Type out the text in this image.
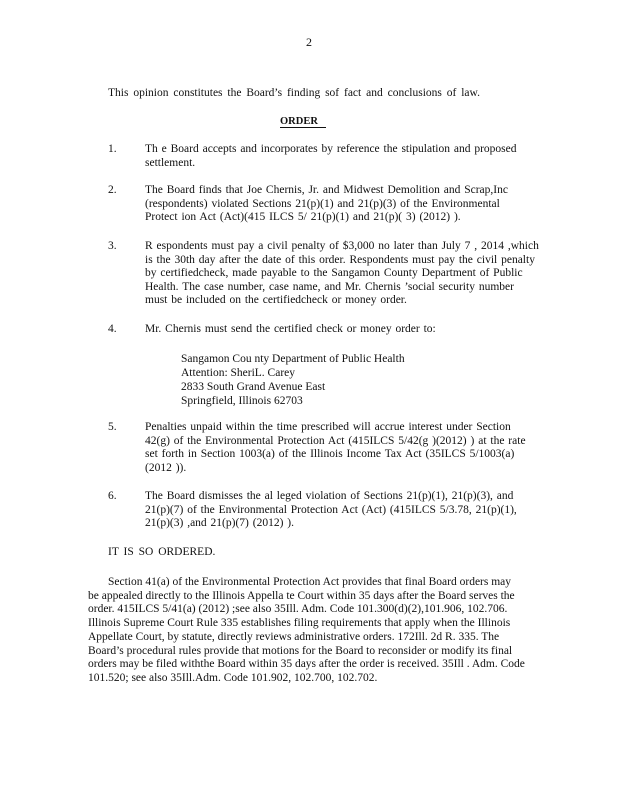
2
This opinion constitutes the Board’s finding sof fact and conclusions of law.
ORDER
1. Th e Board accepts and incorporates by reference the stipulation and proposed
settlement.
2. The Board finds that Joe Chernis, Jr. and Midwest Demolition and Scrap,Inc
(respondents) violated Sections 21(p)(1) and 21(p)(3) of the Environmental
Protect ion Act (Act)(415 ILCS 5/ 21(p)(1) and 21(p)( 3) (2012) ).
3. R espondents must pay a civil penalty of $3,000 no later than July 7 , 2014 ,which
is the 30th day after the date of this order. Respondents must pay the civil penalty
by certifiedcheck, made payable to the Sangamon County Department of Public
Health. The case number, case name, and Mr. Chernis ’social security number
must be included on the certifiedcheck or money order.
4. Mr. Chernis must send the certified check or money order to:
Sangamon Cou nty Department of Public Health
Attention: SheriL. Carey
2833 South Grand Avenue East
Springfield, Illinois 62703
5. Penalties unpaid within the time prescribed will accrue interest under Section
42(g) of the Environmental Protection Act (415ILCS 5/42(g )(2012) ) at the rate
set forth in Section 1003(a) of the Illinois Income Tax Act (35ILCS 5/1003(a)
(2012 )).
6. The Board dismisses the al leged violation of Sections 21(p)(1), 21(p)(3), and
21(p)(7) of the Environmental Protection Act (Act) (415ILCS 5/3.78, 21(p)(1),
21(p)(3) ,and 21(p)(7) (2012) ).
IT IS SO ORDERED.
Section 41(a) of the Environmental Protection Act provides that final Board orders may
be appealed directly to the Illinois Appella te Court within 35 days after the Board serves the
order. 415ILCS 5/41(a) (2012) ;see also 35Ill. Adm. Code 101.300(d)(2),101.906, 102.706.
Illinois Supreme Court Rule 335 establishes filing requirements that apply when the Illinois
Appellate Court, by statute, directly reviews administrative orders. 172Ill. 2d R. 335. The
Board’s procedural rules provide that motions for the Board to reconsider or modify its final
orders may be filed withthe Board within 35 days after the order is received. 35Ill . Adm. Code
101.520; see also 35Ill.Adm. Code 101.902, 102.700, 102.702.
